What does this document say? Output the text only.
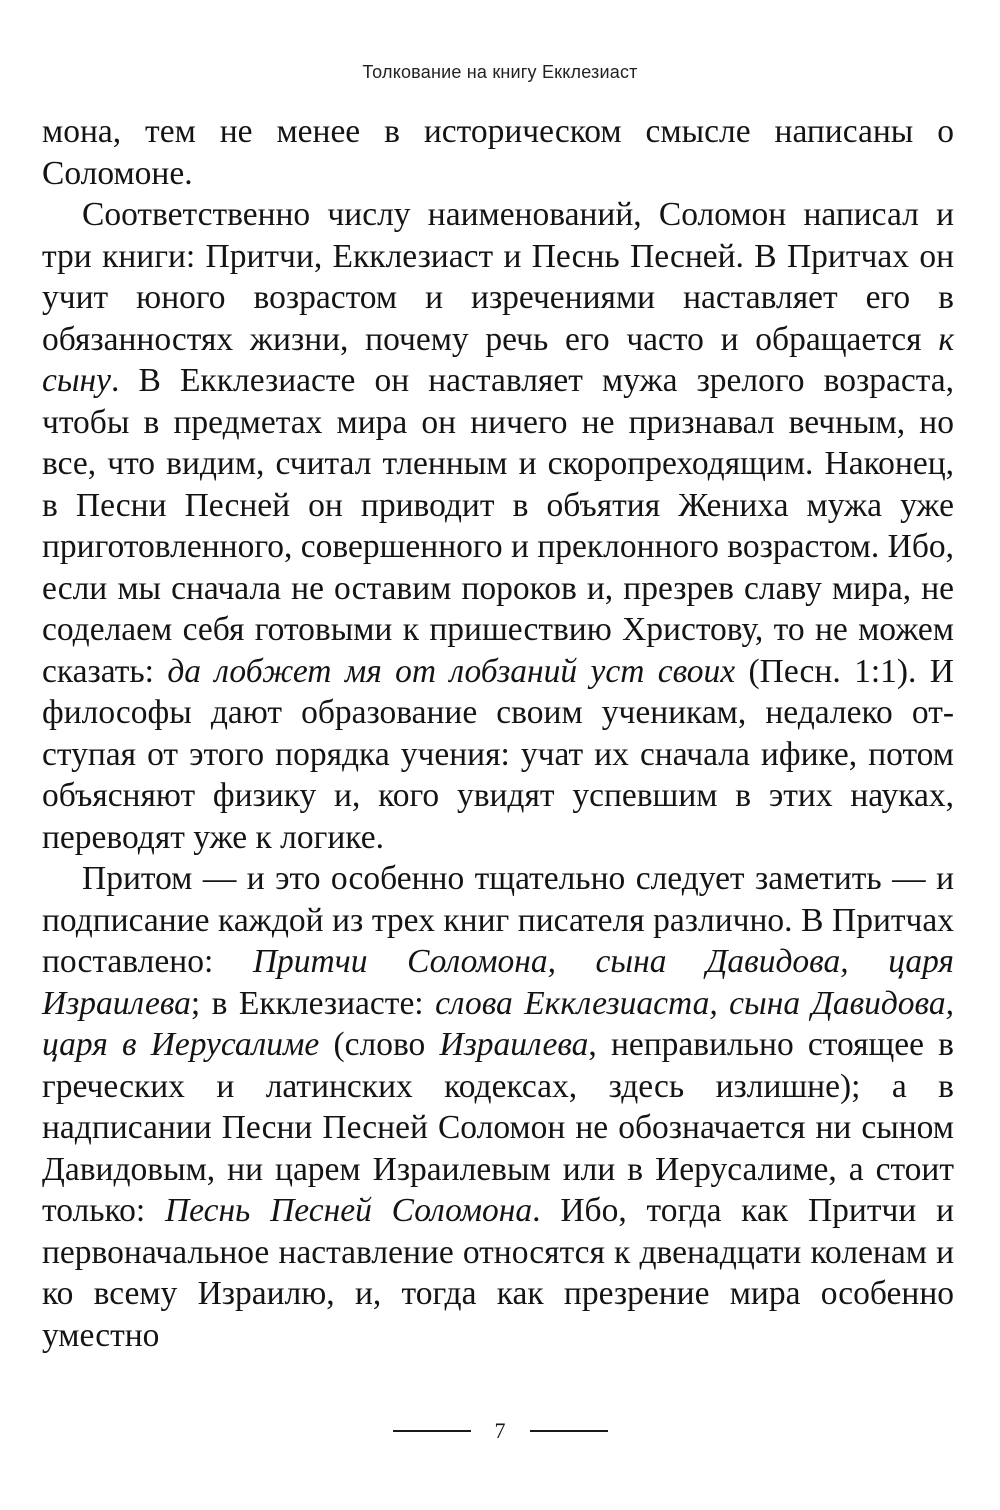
Толкование на книгу Екклезиаст

мона, тем не менее в историческом смысле написаны о Соломоне.

Соответственно числу наименований, Соломон написал и три книги: Притчи, Екклезиаст и Песнь Песней. В Притчах он учит юного возрастом и изречениями наставляет его в обязанностях жизни, почему речь его часто и обращается к сыну. В Екклезиасте он наставляет мужа зрелого возраста, чтобы в предметах мира он ничего не признавал вечным, но все, что видим, считал тленным и скоропреходящим. Наконец, в Песни Песней он приводит в объятия Жениха мужа уже приготовленного, совершенного и преклонного возрастом. Ибо, если мы сначала не оставим пороков и, презрев славу мира, не соделаем себя готовыми к пришествию Христову, то не можем сказать: да лобжет мя от лобзаний уст своих (Песн. 1:1). И философы дают образование своим ученикам, недалеко отступая от этого порядка учения: учат их сначала ифике, потом объясняют физику и, кого увидят успевшим в этих науках, переводят уже к логике.

Притом — и это особенно тщательно следует заметить — и подписание каждой из трех книг писателя различно. В Притчах поставлено: Притчи Соломона, сына Давидова, царя Израилева; в Екклезиасте: слова Екклезиаста, сына Давидова, царя в Иерусалиме (слово Израилева, неправильно стоящее в греческих и латинских кодексах, здесь излишне); а в надписании Песни Песней Соломон не обозначается ни сыном Давидовым, ни царем Израилевым или в Иерусалиме, а стоит только: Песнь Песней Соломона. Ибо, тогда как Притчи и первоначальное наставление относятся к двенадцати коленам и ко всему Израилю, и, тогда как презрение мира особенно уместно

7
